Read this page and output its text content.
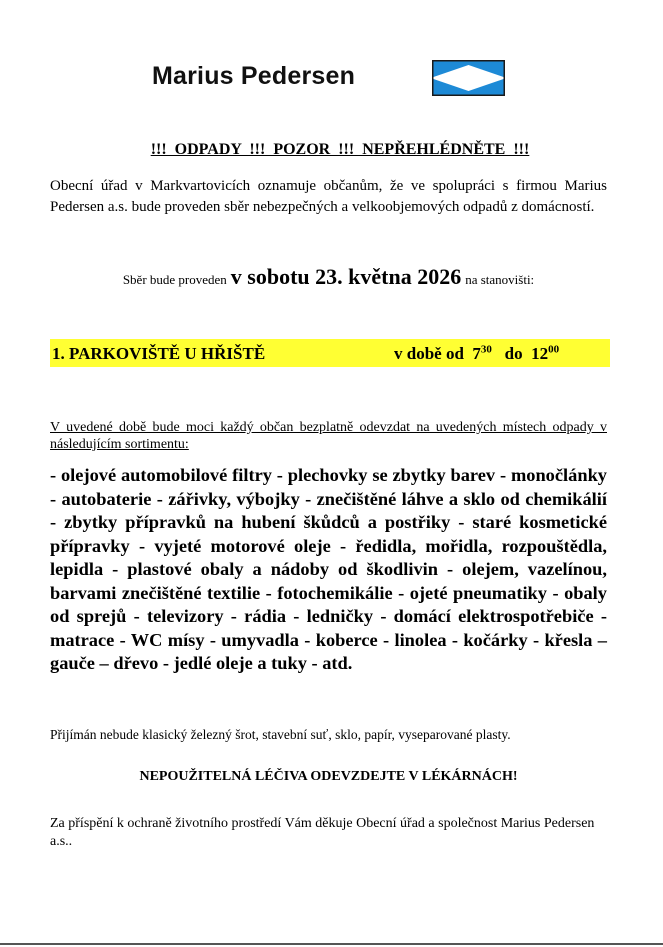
Marius Pedersen
!!!  ODPADY  !!!  POZOR  !!!  NEPŘEHLÉDNĚTE  !!!
Obecní úřad v Markvartovicích oznamuje občanům, že ve spolupráci s firmou Marius Pedersen a.s. bude proveden sběr nebezpečných a velkoobjemových odpadů z domácností.
Sběr bude proveden v sobotu 23. května 2026 na stanovišti:
1. PARKOVIŠTĚ U HŘIŠTĚ	v době od $7^{30}$ do $12^{00}$
V uvedené době bude moci každý občan bezplatně odevzdat na uvedených místech odpady v následujícím sortimentu:
- olejové automobilové filtry - plechovky se zbytky barev - monočlánky - autobaterie - zářivky, výbojky - znečištěné láhve a sklo od chemikálií - zbytky přípravků na hubení škůdců a postřiky - staré kosmetické přípravky - vyjeté motorové oleje - ředidla, mořidla, rozpouštědla, lepidla - plastové obaly a nádoby od škodlivin - olejem, vazelínou, barvami znečištěné textilie - fotochemikálie - ojeté pneumatiky - obaly od sprejů - televizory - rádia - ledničky - domácí elektrospotřebiče - matrace - WC mísy - umyvadla - koberce - linolea - kočárky - křesla – gauče – dřevo - jedlé oleje a tuky - atd.
Přijímán nebude klasický železný šrot, stavební suť, sklo, papír, vyseparované plasty.
NEPOUŽITELNÁ LÉČIVA ODEVZDEJTE V LÉKÁRNÁCH!
Za příspění k ochraně životního prostředí Vám děkuje Obecní úřad a společnost Marius Pedersen a.s..
